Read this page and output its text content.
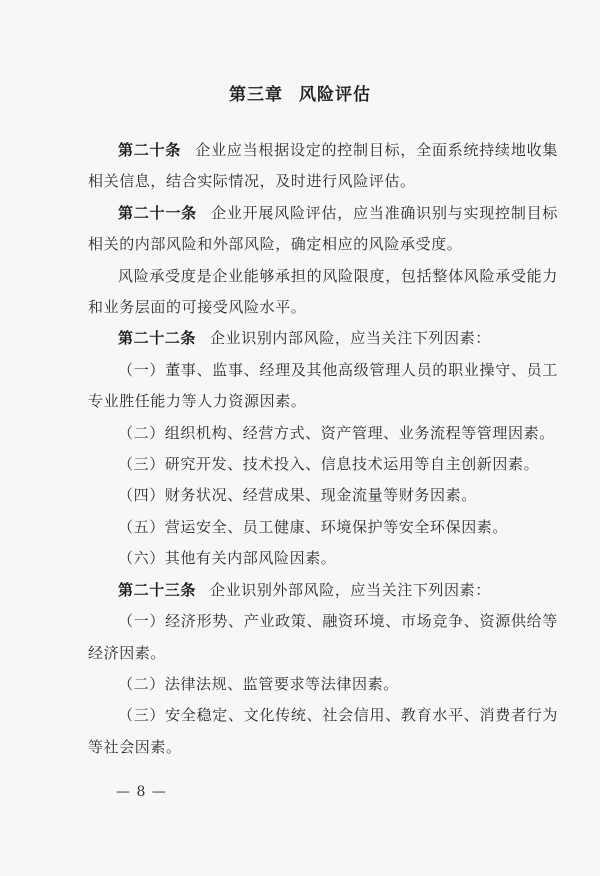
第三章 风险评估

第二十条 企业应当根据设定的控制目标，全面系统持续地收集相关信息，结合实际情况，及时进行风险评估。

第二十一条 企业开展风险评估，应当准确识别与实现控制目标相关的内部风险和外部风险，确定相应的风险承受度。

风险承受度是企业能够承担的风险限度，包括整体风险承受能力和业务层面的可接受风险水平。

第二十二条 企业识别内部风险，应当关注下列因素：

（一）董事、监事、经理及其他高级管理人员的职业操守、员工专业胜任能力等人力资源因素。

（二）组织机构、经营方式、资产管理、业务流程等管理因素。

（三）研究开发、技术投入、信息技术运用等自主创新因素。

（四）财务状况、经营成果、现金流量等财务因素。

（五）营运安全、员工健康、环境保护等安全环保因素。

（六）其他有关内部风险因素。

第二十三条 企业识别外部风险，应当关注下列因素：

（一）经济形势、产业政策、融资环境、市场竞争、资源供给等经济因素。

（二）法律法规、监管要求等法律因素。

（三）安全稳定、文化传统、社会信用、教育水平、消费者行为等社会因素。

— 8 —
